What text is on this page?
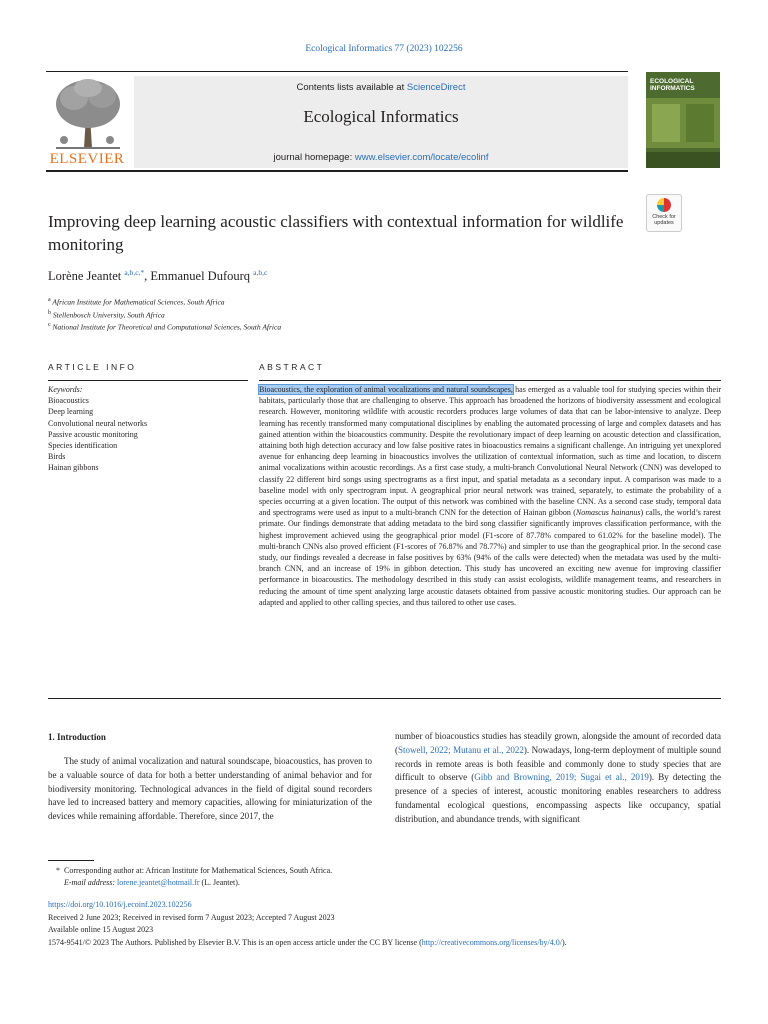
Ecological Informatics 77 (2023) 102256
ELSEVIER
Contents lists available at ScienceDirect
Ecological Informatics
journal homepage: www.elsevier.com/locate/ecolinf
ECOLOGICAL INFORMATICS
Check for updates
Improving deep learning acoustic classifiers with contextual information for wildlife monitoring
Lorène Jeantet $^{a,b,c,*}$, Emmanuel Dufourq $^{a,b,c}$
$^a$ African Institute for Mathematical Sciences, South Africa
$^b$ Stellenbosch University, South Africa
$^c$ National Institute for Theoretical and Computational Sciences, South Africa
ARTICLE INFO	ABSTRACT
Keywords:
Bioacoustics
Deep learning
Convolutional neural networks
Passive acoustic monitoring
Species identification
Birds
Hainan gibbons
Bioacoustics, the exploration of animal vocalizations and natural soundscapes, has emerged as a valuable tool for studying species within their habitats, particularly those that are challenging to observe. This approach has broadened the horizons of biodiversity assessment and ecological research. However, monitoring wildlife with acoustic recorders produces large volumes of data that can be labor-intensive to analyze. Deep learning has recently transformed many computational disciplines by enabling the automated processing of large and complex datasets and has gained attention within the bioacoustics community. Despite the revolutionary impact of deep learning on acoustic detection and classification, attaining both high detection accuracy and low false positive rates in bioacoustics remains a significant challenge. An intriguing yet unexplored avenue for enhancing deep learning in bioacoustics involves the utilization of contextual information, such as time and location, to discern animal vocalizations within acoustic recordings. As a first case study, a multi-branch Convolutional Neural Network (CNN) was developed to classify 22 different bird songs using spectrograms as a first input, and spatial metadata as a secondary input. A comparison was made to a baseline model with only spectrogram input. A geographical prior neural network was trained, separately, to estimate the probability of a species occurring at a given location. The output of this network was combined with the baseline CNN. As a second case study, temporal data and spectrograms were used as input to a multi-branch CNN for the detection of Hainan gibbon (Nomascus hainanus) calls, the world’s rarest primate. Our findings demonstrate that adding metadata to the bird song classifier significantly improves classification performance, with the highest improvement achieved using the geographical prior model (F1-score of 87.78% compared to 61.02% for the baseline model). The multi-branch CNNs also proved efficient (F1-scores of 76.87% and 78.77%) and simpler to use than the geographical prior. In the second case study, our findings revealed a decrease in false positives by 63% (94% of the calls were detected) when the metadata was used by the multi-branch CNN, and an increase of 19% in gibbon detection. This study has uncovered an exciting new avenue for improving classifier performance in bioacoustics. The methodology described in this study can assist ecologists, wildlife management teams, and researchers in reducing the amount of time spent analyzing large acoustic datasets obtained from passive acoustic monitoring studies. Our approach can be adapted and applied to other calling species, and thus tailored to other use cases.
1. Introduction
The study of animal vocalization and natural soundscape, bioacoustics, has proven to be a valuable source of data for both a better understanding of animal behavior and for biodiversity monitoring. Technological advances in the field of digital sound recorders have led to increased battery and memory capacities, allowing for miniaturization of the devices while remaining affordable. Therefore, since 2017, the
number of bioacoustics studies has steadily grown, alongside the amount of recorded data (Stowell, 2022; Mutanu et al., 2022). Nowadays, long-term deployment of multiple sound records in remote areas is both feasible and commonly done to study species that are difficult to observe (Gibb and Browning, 2019; Sugai et al., 2019). By detecting the presence of a species of interest, acoustic monitoring enables researchers to address fundamental ecological questions, encompassing aspects like occupancy, spatial distribution, and abundance trends, with significant
* Corresponding author at: African Institute for Mathematical Sciences, South Africa.
E-mail address: lorene.jeantet@hotmail.fr (L. Jeantet).
https://doi.org/10.1016/j.ecoinf.2023.102256
Received 2 June 2023; Received in revised form 7 August 2023; Accepted 7 August 2023
Available online 15 August 2023
1574-9541/© 2023 The Authors. Published by Elsevier B.V. This is an open access article under the CC BY license (http://creativecommons.org/licenses/by/4.0/).
